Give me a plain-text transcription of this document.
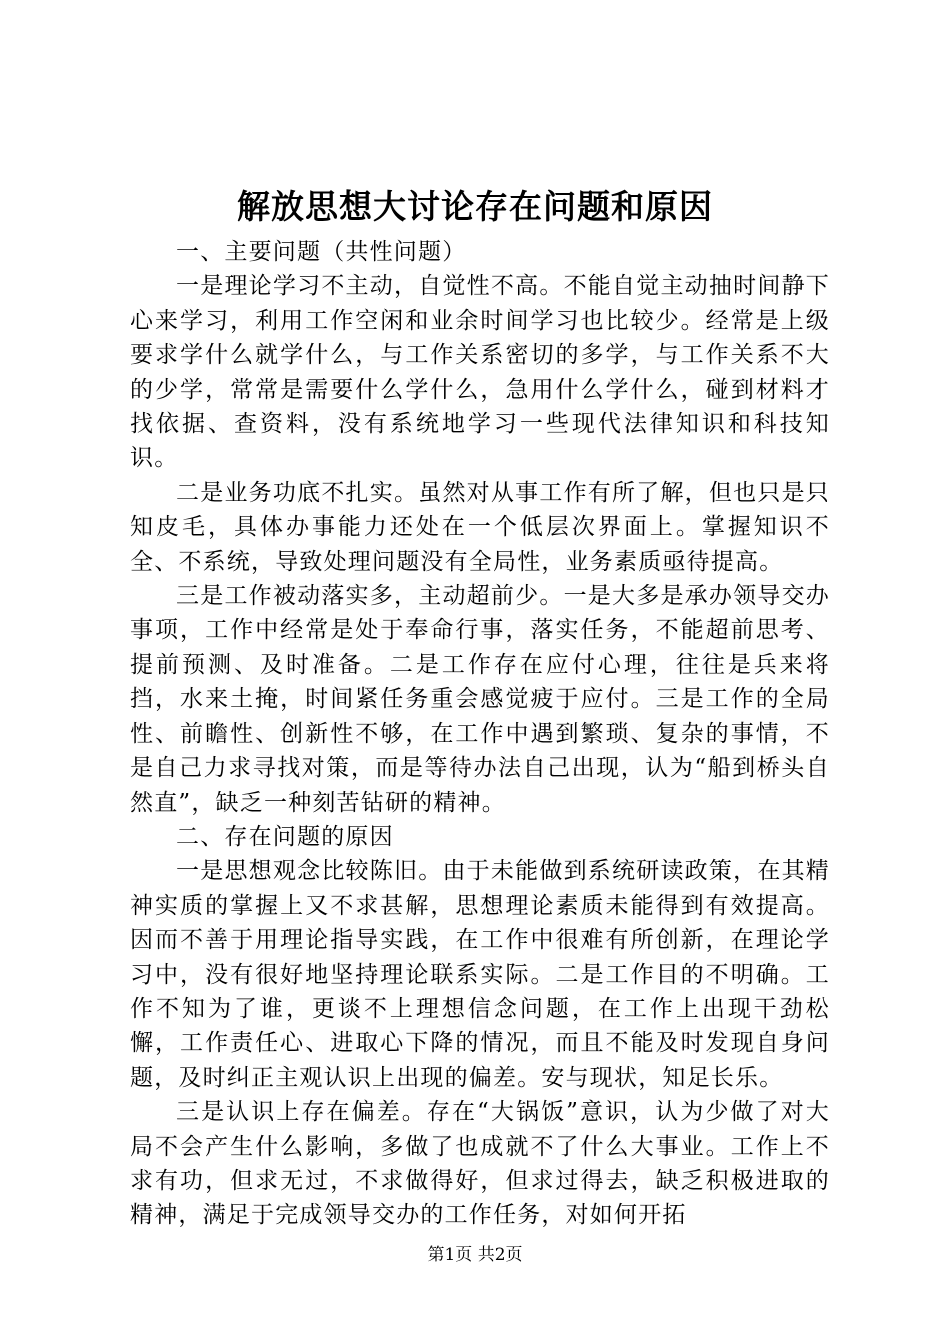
解放思想大讨论存在问题和原因

一、主要问题（共性问题）

一是理论学习不主动，自觉性不高。不能自觉主动抽时间静下心来学习，利用工作空闲和业余时间学习也比较少。经常是上级要求学什么就学什么，与工作关系密切的多学，与工作关系不大的少学，常常是需要什么学什么，急用什么学什么，碰到材料才找依据、查资料，没有系统地学习一些现代法律知识和科技知识。

二是业务功底不扎实。虽然对从事工作有所了解，但也只是只知皮毛，具体办事能力还处在一个低层次界面上。掌握知识不全、不系统，导致处理问题没有全局性，业务素质亟待提高。

三是工作被动落实多，主动超前少。一是大多是承办领导交办事项，工作中经常是处于奉命行事，落实任务，不能超前思考、提前预测、及时准备。二是工作存在应付心理，往往是兵来将挡，水来土掩，时间紧任务重会感觉疲于应付。三是工作的全局性、前瞻性、创新性不够，在工作中遇到繁琐、复杂的事情，不是自己力求寻找对策，而是等待办法自己出现，认为“船到桥头自然直”，缺乏一种刻苦钻研的精神。

二、存在问题的原因

一是思想观念比较陈旧。由于未能做到系统研读政策，在其精神实质的掌握上又不求甚解，思想理论素质未能得到有效提高。因而不善于用理论指导实践，在工作中很难有所创新，在理论学习中，没有很好地坚持理论联系实际。二是工作目的不明确。工作不知为了谁，更谈不上理想信念问题，在工作上出现干劲松懈，工作责任心、进取心下降的情况，而且不能及时发现自身问题，及时纠正主观认识上出现的偏差。安与现状，知足长乐。

三是认识上存在偏差。存在“大锅饭”意识，认为少做了对大局不会产生什么影响，多做了也成就不了什么大事业。工作上不求有功，但求无过，不求做得好，但求过得去，缺乏积极进取的精神，满足于完成领导交办的工作任务，对如何开拓

第1页 共2页
